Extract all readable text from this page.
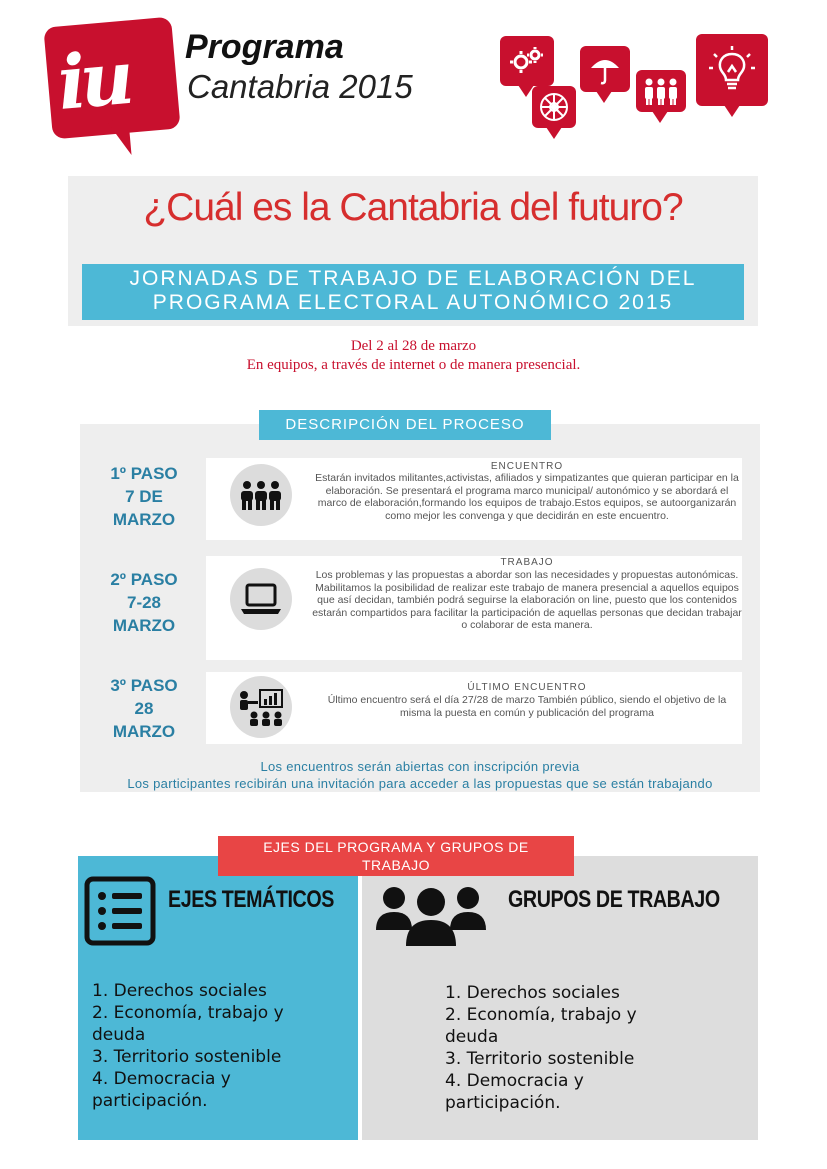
iu Programa
Cantabria 2015
¿Cuál es la Cantabria del futuro?
JORNADAS DE TRABAJO DE ELABORACIÓN DEL
PROGRAMA ELECTORAL AUTONÓMICO 2015
Del 2 al 28 de marzo
En equipos, a través de internet o de manera presencial.
DESCRIPCIÓN DEL PROCESO
1º PASO
7 DE
MARZO
ENCUENTRO
Estarán invitados militantes,activistas, afiliados y simpatizantes que quieran participar en la elaboración. Se presentará el programa marco municipal/ autonómico y se abordará el marco de elaboración,formando los equipos de trabajo.Estos equipos, se autoorganizarán como mejor les convenga y que decidirán en este encuentro.
2º PASO
7-28
MARZO
TRABAJO
Los problemas y las propuestas a abordar son las necesidades y propuestas autonómicas.
Mabilitamos la posibilidad de realizar este trabajo de manera presencial a aquellos equipos que así decidan, también podrá seguirse la elaboración on line, puesto que los contenidos estarán compartidos para facilitar la participación de aquellas personas que decidan trabajar o colaborar de esta manera.
3º PASO
28
MARZO
ÚLTIMO ENCUENTRO
Último encuentro será el día 27/28 de marzo También público, siendo el objetivo de la misma la puesta en común y publicación del programa
Los encuentros serán abiertas con inscripción previa
Los participantes recibirán una invitación para acceder a las propuestas que se están trabajando
EJES DEL PROGRAMA Y GRUPOS DE
TRABAJO
EJES TEMÁTICOS	GRUPOS DE TRABAJO
1. Derechos sociales
2. Economía, trabajo y
deuda
3. Territorio sostenible
4. Democracia y
participación.
1. Derechos sociales
2. Economía, trabajo y
deuda
3. Territorio sostenible
4. Democracia y
participación.
